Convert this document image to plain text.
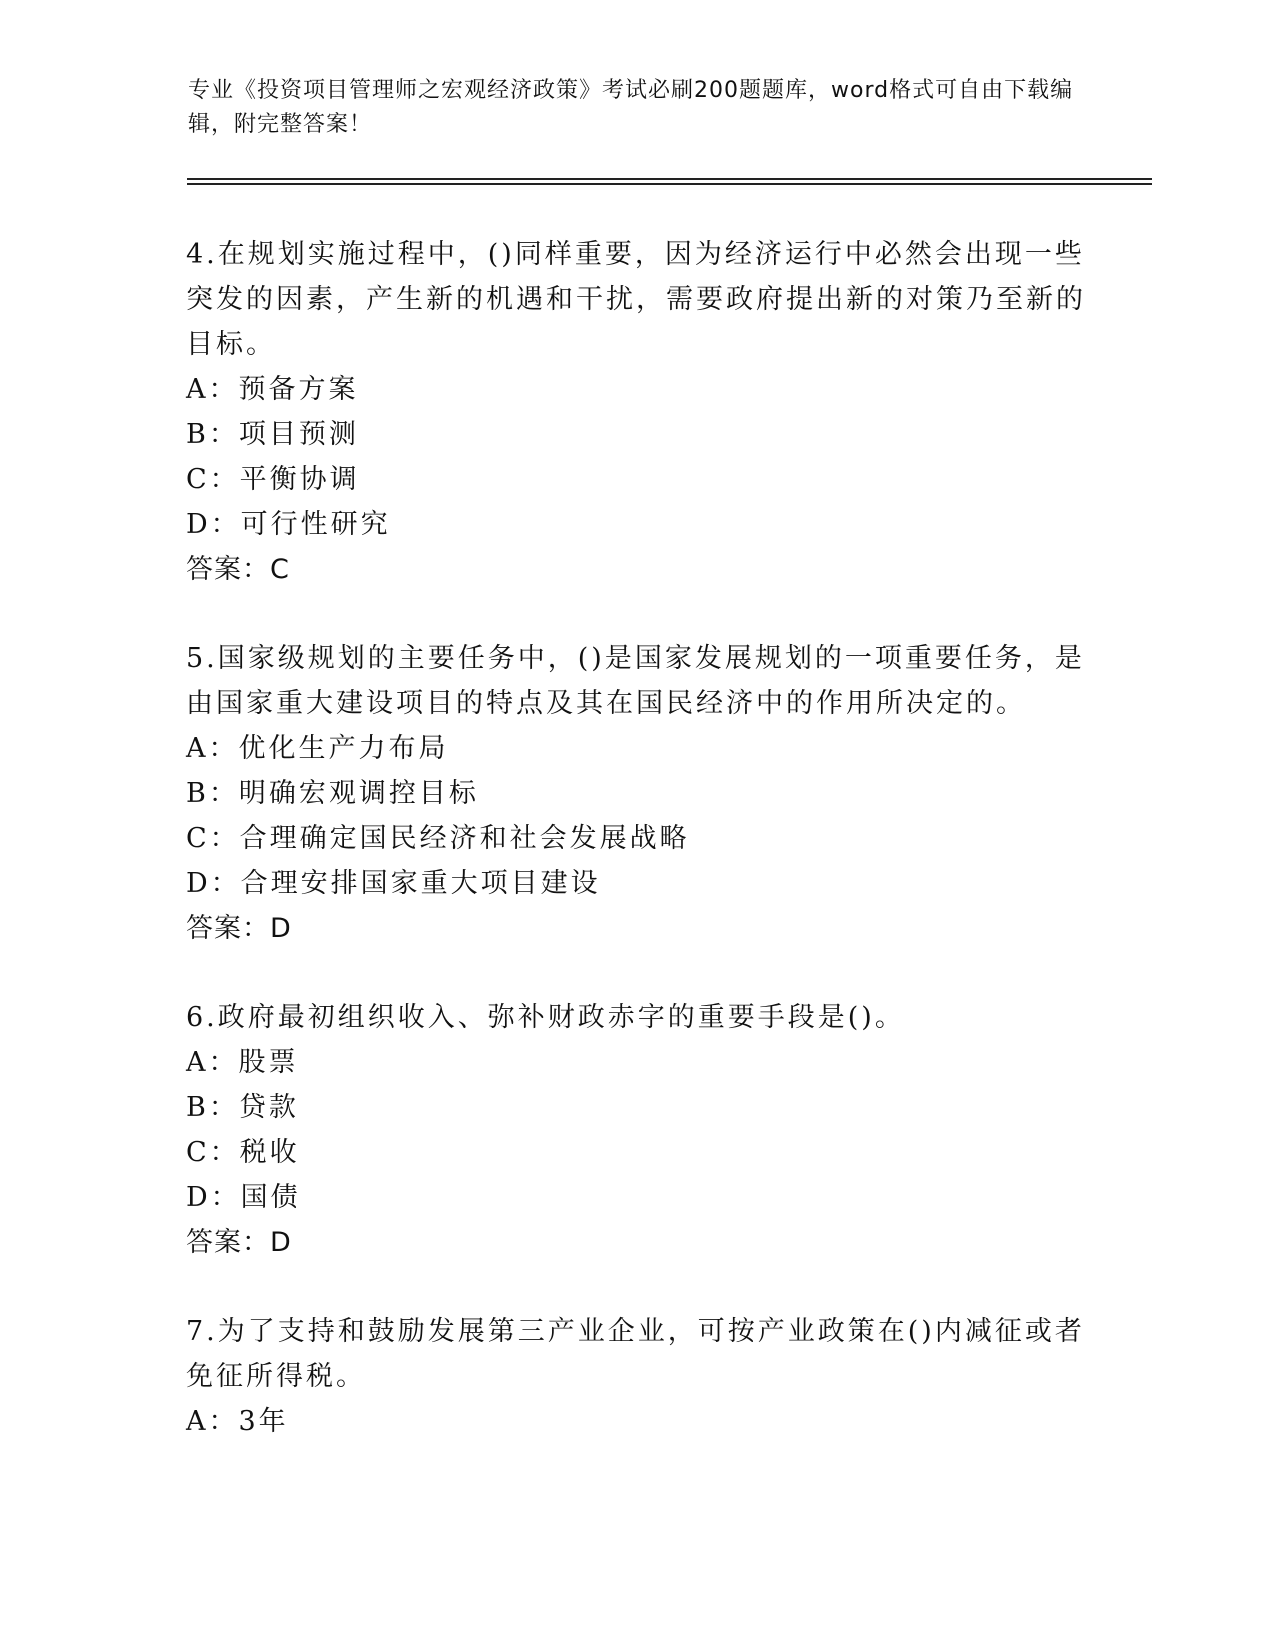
专业《投资项目管理师之宏观经济政策》考试必刷200题题库，word格式可自由下载编辑，附完整答案！

4.在规划实施过程中，()同样重要，因为经济运行中必然会出现一些突发的因素，产生新的机遇和干扰，需要政府提出新的对策乃至新的目标。

A：预备方案

B：项目预测

C：平衡协调

D：可行性研究

答案：C

5.国家级规划的主要任务中，()是国家发展规划的一项重要任务，是由国家重大建设项目的特点及其在国民经济中的作用所决定的。

A：优化生产力布局

B：明确宏观调控目标

C：合理确定国民经济和社会发展战略

D：合理安排国家重大项目建设

答案：D

6.政府最初组织收入、弥补财政赤字的重要手段是()。

A：股票

B：贷款

C：税收

D：国债

答案：D

7.为了支持和鼓励发展第三产业企业，可按产业政策在()内减征或者免征所得税。

A：3年
